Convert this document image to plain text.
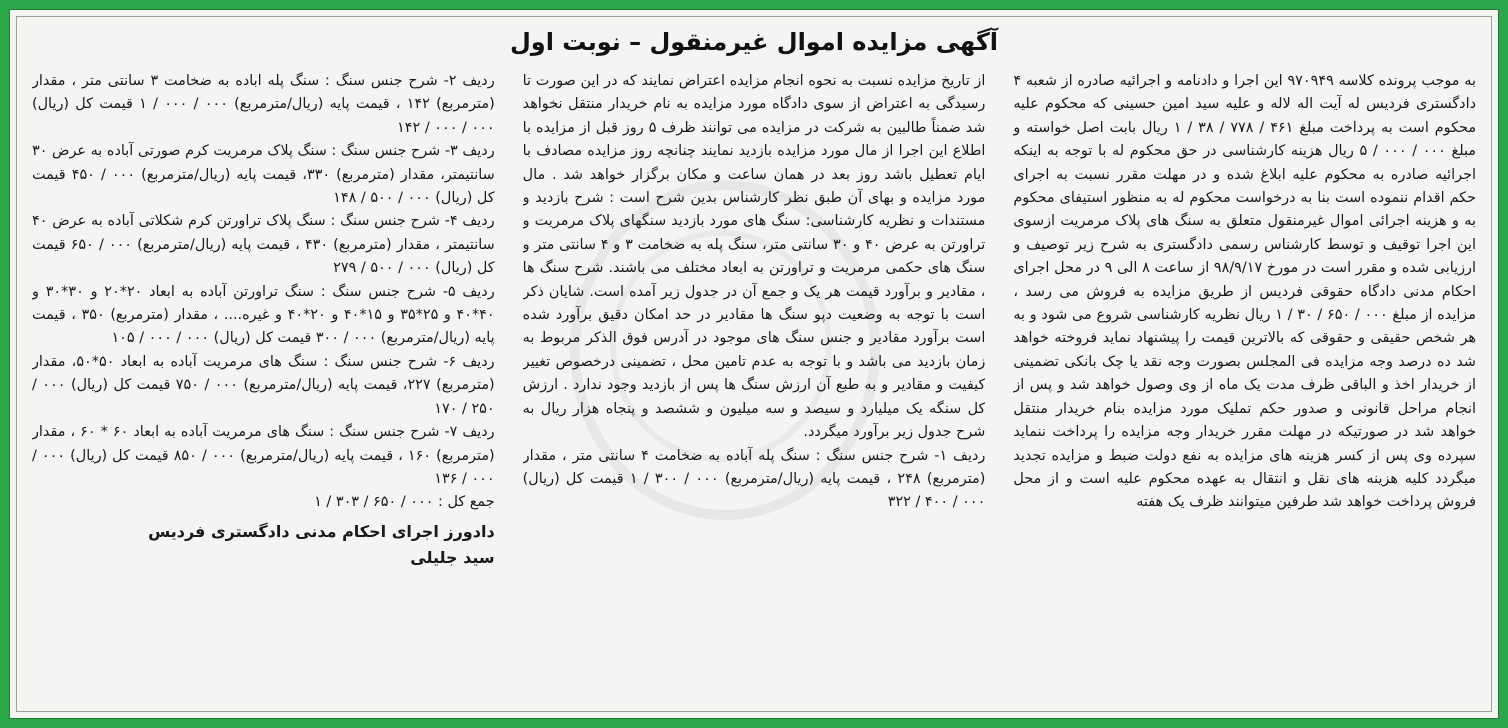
آگهی مزایده اموال غیرمنقول – نوبت اول

به موجب پرونده کلاسه ۹۷۰۹۴۹ این اجرا و دادنامه و اجرائیه صادره از شعبه ۴ دادگستری فردیس له آیت اله لاله و علیه سید امین حسینی که محکوم علیه محکوم است به پرداخت مبلغ ۴۶۱ / ۷۷۸ / ۳۸ / ۱ ریال بابت اصل خواسته و مبلغ ۰۰۰ / ۰۰۰ / ۵ ریال هزینه کارشناسی در حق محکوم له با توجه به اینکه اجرائیه صادره به محکوم علیه ابلاغ شده و در مهلت مقرر نسبت به اجرای حکم اقدام ننموده است بنا به درخواست محکوم له به منظور استیفای محکوم به و هزینه اجرائی اموال غیرمنقول متعلق به سنگ های پلاک مرمریت ازسوی این اجرا توقیف و توسط کارشناس رسمی دادگستری به شرح زیر توصیف و ارزیابی شده و مقرر است در مورخ ۹۸/۹/۱۷ از ساعت ۸ الی ۹ در محل اجرای احکام مدنی دادگاه حقوقی فردیس از طریق مزایده به فروش می رسد ، مزایده از مبلغ ۰۰۰ / ۶۵۰ / ۳۰ / ۱ ریال نظریه کارشناسی شروع می شود و به هر شخص حقیقی و حقوقی که بالاترین قیمت را پیشنهاد نماید فروخته خواهد شد ده درصد وجه مزایده فی المجلس بصورت وجه نقد یا چک بانکی تضمینی از خریدار اخذ و الباقی ظرف مدت یک ماه از وی وصول خواهد شد و پس از انجام مراحل قانونی و صدور حکم تملیک مورد مزایده بنام خریدار منتقل خواهد شد در صورتیکه در مهلت مقرر خریدار وجه مزایده را پرداخت ننماید سپرده وی پس از کسر هزینه های مزایده به نفع دولت ضبط و مزایده تجدید میگردد کلیه هزینه های نقل و انتقال به عهده محکوم علیه است و از محل فروش پرداخت خواهد شد طرفین میتوانند ظرف یک هفته

از تاریخ مزایده نسبت به نحوه انجام مزایده اعتراض نمایند که در این صورت تا رسیدگی به اعتراض از سوی دادگاه مورد مزایده به نام خریدار منتقل نخواهد شد ضمناً طالبین به شرکت در مزایده می توانند ظرف ۵ روز قبل از مزایده با اطلاع این اجرا از مال مورد مزایده بازدید نمایند چنانچه روز مزایده مصادف با ایام تعطیل باشد روز بعد در همان ساعت و مکان برگزار خواهد شد . مال مورد مزایده و بهای آن طبق نظر کارشناس بدین شرح است : شرح بازدید و مستندات و نظریه کارشناسی: سنگ های مورد بازدید سنگهای پلاک مرمریت و تراورتن به عرض ۴۰ و ۳۰ سانتی متر، سنگ پله به ضخامت ۳ و ۴ سانتی متر و سنگ های حکمی مرمریت و تراورتن به ابعاد مختلف می باشند. شرح سنگ ها ، مقادیر و برآورد قیمت هر یک و جمع آن در جدول زیر آمده است. شایان ذکر است با توجه به وضعیت دپو سنگ ها مقادیر در حد امکان دقیق برآورد شده است برآورد مقادیر و جنس سنگ های موجود در آدرس فوق الذکر مربوط به زمان بازدید می باشد و با توجه به عدم تامین محل ، تضمینی درخصوص تغییر کیفیت و مقادیر و به طبع آن ارزش سنگ ها پس از بازدید وجود ندارد . ارزش کل سنگه یک میلیارد و سیصد و سه میلیون و ششصد و پنجاه هزار ریال به شرح جدول زیر برآورد میگردد.

ردیف ۱- شرح جنس سنگ : سنگ پله آباده به ضخامت ۴ سانتی متر ، مقدار (مترمربع) ۲۴۸ ، قیمت پایه (ریال/مترمربع) ۰۰۰ / ۳۰۰ / ۱ قیمت کل (ریال) ۰۰۰ / ۴۰۰ / ۳۲۲

ردیف ۲- شرح جنس سنگ : سنگ پله اباده به ضخامت ۳ سانتی متر ، مقدار (مترمربع) ۱۴۲ ، قیمت پایه (ریال/مترمربع) ۰۰۰ / ۰۰۰ / ۱ قیمت کل (ریال) ۰۰۰ / ۰۰۰ / ۱۴۲

ردیف ۳- شرح جنس سنگ : سنگ پلاک مرمریت کرم صورتی آباده به عرض ۳۰ سانتیمتر، مقدار (مترمربع) ۳۳۰، قیمت پایه (ریال/مترمربع) ۰۰۰ / ۴۵۰ قیمت کل (ریال) ۰۰۰ / ۵۰۰ / ۱۴۸

ردیف ۴- شرح جنس سنگ : سنگ پلاک تراورتن کرم شکلاتی آباده به عرض ۴۰ سانتیمتر ، مقدار (مترمربع) ۴۳۰ ، قیمت پایه (ریال/مترمربع) ۰۰۰ / ۶۵۰ قیمت کل (ریال) ۰۰۰ / ۵۰۰ / ۲۷۹

ردیف ۵- شرح جنس سنگ : سنگ تراورتن آباده به ابعاد ۲۰*۲۰ و ۳۰*۳۰ و ۴۰*۴۰ و ۲۵*۳۵ و ۱۵*۴۰ و ۲۰*۴۰ و غیره.... ، مقدار (مترمربع) ۳۵۰ ، قیمت پایه (ریال/مترمربع) ۰۰۰ / ۳۰۰ قیمت کل (ریال) ۰۰۰ / ۰۰۰ / ۱۰۵

ردیف ۶- شرح جنس سنگ : سنگ های مرمریت آباده به ابعاد ۵۰*۵۰، مقدار (مترمربع) ۲۲۷، قیمت پایه (ریال/مترمربع) ۰۰۰ / ۷۵۰ قیمت کل (ریال) ۰۰۰ / ۲۵۰ / ۱۷۰

ردیف ۷- شرح جنس سنگ : سنگ های مرمریت آباده به ابعاد ۶۰ * ۶۰ ، مقدار (مترمربع) ۱۶۰ ، قیمت پایه (ریال/مترمربع) ۰۰۰ / ۸۵۰ قیمت کل (ریال) ۰۰۰ / ۰۰۰ / ۱۳۶

جمع کل : ۰۰۰ / ۶۵۰ / ۳۰۳ / ۱

دادورز اجرای احکام مدنی دادگستری فردیس
سید جلیلی
